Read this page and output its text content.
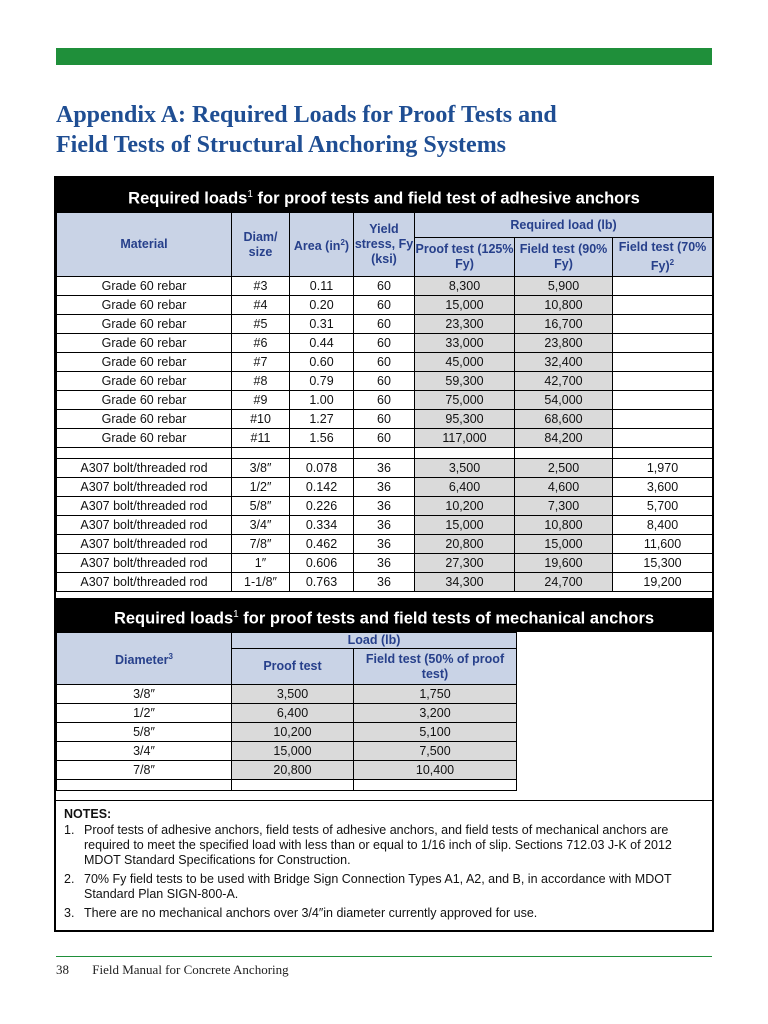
Appendix A: Required Loads for Proof Tests and
Field Tests of Structural Anchoring Systems
Required loads$^1$ for proof tests and field test of adhesive anchors
Material	Diam/ size	Area $(in^2)$	Yield stress, Fy (ksi)	Required load (lb)		
				Proof test (125% Fy)	Field test (90% Fy)	Field test (70% Fy)$^2$
Grade 60 rebar	#3	0.11	60	8,300	5,900	
Grade 60 rebar	#4	0.20	60	15,000	10,800	
Grade 60 rebar	#5	0.31	60	23,300	16,700	
Grade 60 rebar	#6	0.44	60	33,000	23,800	
Grade 60 rebar	#7	0.60	60	45,000	32,400	
Grade 60 rebar	#8	0.79	60	59,300	42,700	
Grade 60 rebar	#9	1.00	60	75,000	54,000	
Grade 60 rebar	#10	1.27	60	95,300	68,600	
Grade 60 rebar	#11	1.56	60	117,000	84,200	

A307 bolt/threaded rod	3/8″	0.078	36	3,500	2,500	1,970
A307 bolt/threaded rod	1/2″	0.142	36	6,400	4,600	3,600
A307 bolt/threaded rod	5/8″	0.226	36	10,200	7,300	5,700
A307 bolt/threaded rod	3/4″	0.334	36	15,000	10,800	8,400
A307 bolt/threaded rod	7/8″	0.462	36	20,800	15,000	11,600
A307 bolt/threaded rod	1″	0.606	36	27,300	19,600	15,300
A307 bolt/threaded rod	1-1/8″	0.763	36	34,300	24,700	19,200
Required loads$^1$ for proof tests and field tests of mechanical anchors
Diameter$^3$	Load (lb)	
	Proof test	Field test (50% of proof test)
3/8″	3,500	1,750
1/2″	6,400	3,200
5/8″	10,200	5,100
3/4″	15,000	7,500
7/8″	20,800	10,400

NOTES:
1. Proof tests of adhesive anchors, field tests of adhesive anchors, and field tests of mechanical anchors are required to meet the specified load with less than or equal to 1/16 inch of slip. Sections 712.03 J-K of 2012 MDOT Standard Specifications for Construction.
2. 70% Fy field tests to be used with Bridge Sign Connection Types A1, A2, and B, in accordance with MDOT Standard Plan SIGN-800-A.
3. There are no mechanical anchors over 3/4″in diameter currently approved for use.
38 Field Manual for Concrete Anchoring
